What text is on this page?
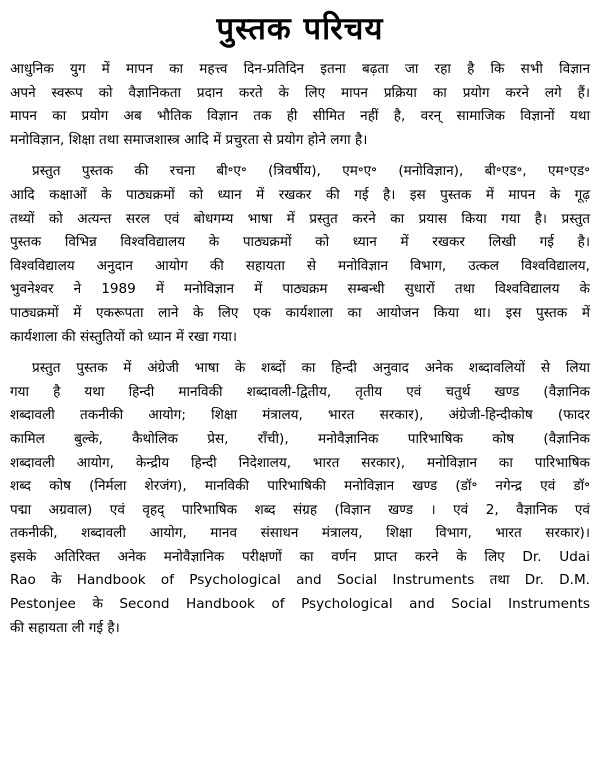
पुस्तक परिचय
आधुनिक युग में मापन का महत्त्व दिन-प्रतिदिन इतना बढ़ता जा रहा है कि सभी विज्ञान
अपने स्वरूप को वैज्ञानिकता प्रदान करते के लिए मापन प्रक्रिया का प्रयोग करने लगे हैं।
मापन का प्रयोग अब भौतिक विज्ञान तक ही सीमित नहीं है, वरन् सामाजिक विज्ञानों यथा
मनोविज्ञान, शिक्षा तथा समाजशास्त्र आदि में प्रचुरता से प्रयोग होने लगा है।
प्रस्तुत पुस्तक की रचना बी॰ए॰ (त्रिवर्षीय), एम॰ए॰ (मनोविज्ञान), बी॰एड॰, एम॰एड॰
आदि कक्षाओं के पाठ्यक्रमों को ध्यान में रखकर की गई है। इस पुस्तक में मापन के गूढ़
तथ्यों को अत्यन्त सरल एवं बोधगम्य भाषा में प्रस्तुत करने का प्रयास किया गया है। प्रस्तुत
पुस्तक विभिन्न विश्वविद्यालय के पाठ्यक्रमों को ध्यान में रखकर लिखी गई है।
विश्वविद्यालय अनुदान आयोग की सहायता से मनोविज्ञान विभाग, उत्कल विश्वविद्यालय,
भुवनेश्वर ने 1989 में मनोविज्ञान में पाठ्यक्रम सम्बन्धी सुधारों तथा विश्वविद्यालय के
पाठ्यक्रमों में एकरूपता लाने के लिए एक कार्यशाला का आयोजन किया था। इस पुस्तक में
कार्यशाला की संस्तुतियों को ध्यान में रखा गया।
प्रस्तुत पुस्तक में अंग्रेजी भाषा के शब्दों का हिन्दी अनुवाद अनेक शब्दावलियों से लिया
गया है यथा हिन्दी मानविकी शब्दावली-द्वितीय, तृतीय एवं चतुर्थ खण्ड (वैज्ञानिक
शब्दावली तकनीकी आयोग; शिक्षा मंत्रालय, भारत सरकार), अंग्रेजी-हिन्दीकोष (फादर
कामिल बुल्के, कैथोलिक प्रेस, राँची), मनोवैज्ञानिक पारिभाषिक कोष (वैज्ञानिक
शब्दावली आयोग, केन्द्रीय हिन्दी निदेशालय, भारत सरकार), मनोविज्ञान का पारिभाषिक
शब्द कोष (निर्मला शेरजंग), मानविकी पारिभाषिकी मनोविज्ञान खण्ड (डॉ॰ नगेन्द्र एवं डॉ॰
पद्मा अग्रवाल) एवं वृहद् पारिभाषिक शब्द संग्रह (विज्ञान खण्ड । एवं 2, वैज्ञानिक एवं
तकनीकी, शब्दावली आयोग, मानव संसाधन मंत्रालय, शिक्षा विभाग, भारत सरकार)।
इसके अतिरिक्त अनेक मनोवैज्ञानिक परीक्षणों का वर्णन प्राप्त करने के लिए Dr. Udai
Rao के Handbook of Psychological and Social Instruments तथा Dr. D.M.
Pestonjee के Second Handbook of Psychological and Social Instruments
की सहायता ली गई है।
